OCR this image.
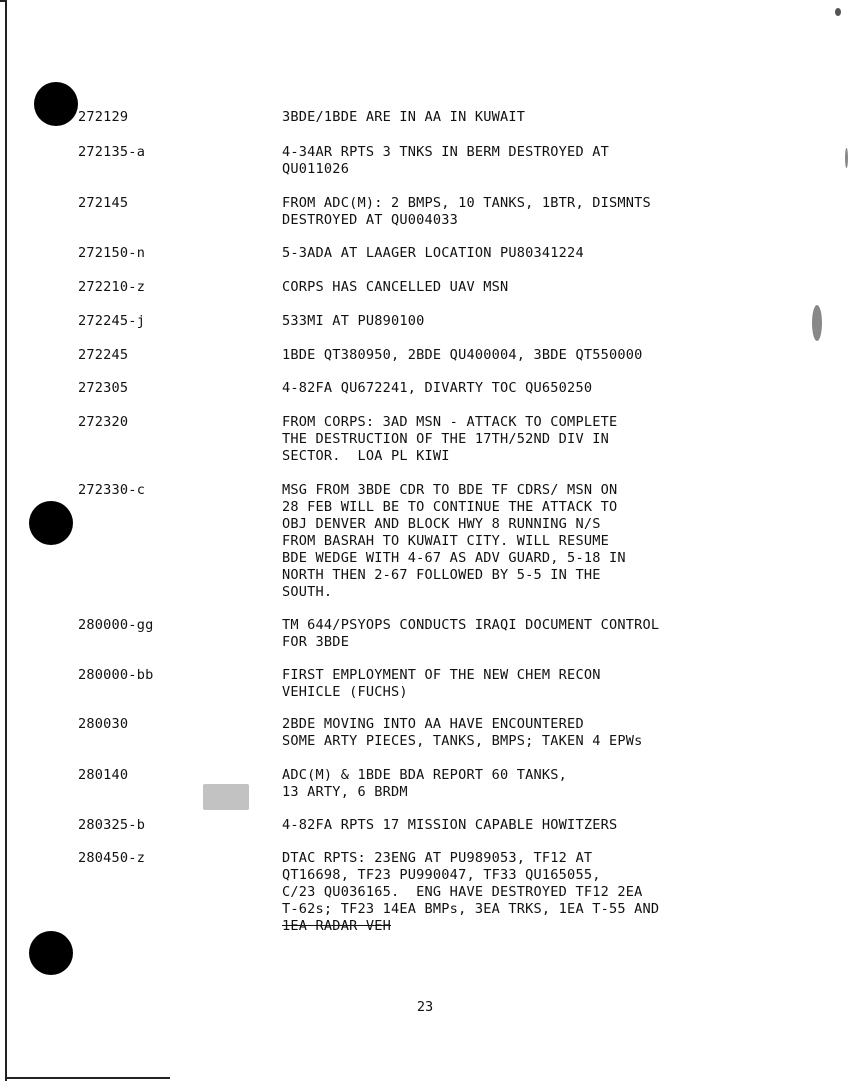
272129	3BDE/1BDE ARE IN AA IN KUWAIT
272135-a	4-34AR RPTS 3 TNKS IN BERM DESTROYED AT
QU011026
272145	FROM ADC(M): 2 BMPS, 10 TANKS, 1BTR, DISMNTS
DESTROYED AT QU004033
272150-n	5-3ADA AT LAAGER LOCATION PU80341224
272210-z	CORPS HAS CANCELLED UAV MSN
272245-j	533MI AT PU890100
272245	1BDE QT380950, 2BDE QU400004, 3BDE QT550000
272305	4-82FA QU672241, DIVARTY TOC QU650250
272320	FROM CORPS: 3AD MSN - ATTACK TO COMPLETE
THE DESTRUCTION OF THE 17TH/52ND DIV IN
SECTOR.  LOA PL KIWI
272330-c	MSG FROM 3BDE CDR TO BDE TF CDRS/ MSN ON
28 FEB WILL BE TO CONTINUE THE ATTACK TO
OBJ DENVER AND BLOCK HWY 8 RUNNING N/S
FROM BASRAH TO KUWAIT CITY. WILL RESUME
BDE WEDGE WITH 4-67 AS ADV GUARD, 5-18 IN
NORTH THEN 2-67 FOLLOWED BY 5-5 IN THE
SOUTH.
280000-gg	TM 644/PSYOPS CONDUCTS IRAQI DOCUMENT CONTROL
FOR 3BDE
280000-bb	FIRST EMPLOYMENT OF THE NEW CHEM RECON
VEHICLE (FUCHS)
280030	2BDE MOVING INTO AA HAVE ENCOUNTERED
SOME ARTY PIECES, TANKS, BMPS; TAKEN 4 EPWs
280140	ADC(M) & 1BDE BDA REPORT 60 TANKS,
13 ARTY, 6 BRDM
280325-b	4-82FA RPTS 17 MISSION CAPABLE HOWITZERS
280450-z	DTAC RPTS: 23ENG AT PU989053, TF12 AT
QT16698, TF23 PU990047, TF33 QU165055,
C/23 QU036165.  ENG HAVE DESTROYED TF12 2EA
T-62s; TF23 14EA BMPs, 3EA TRKS, 1EA T-55 AND
1EA RADAR VEH
23
